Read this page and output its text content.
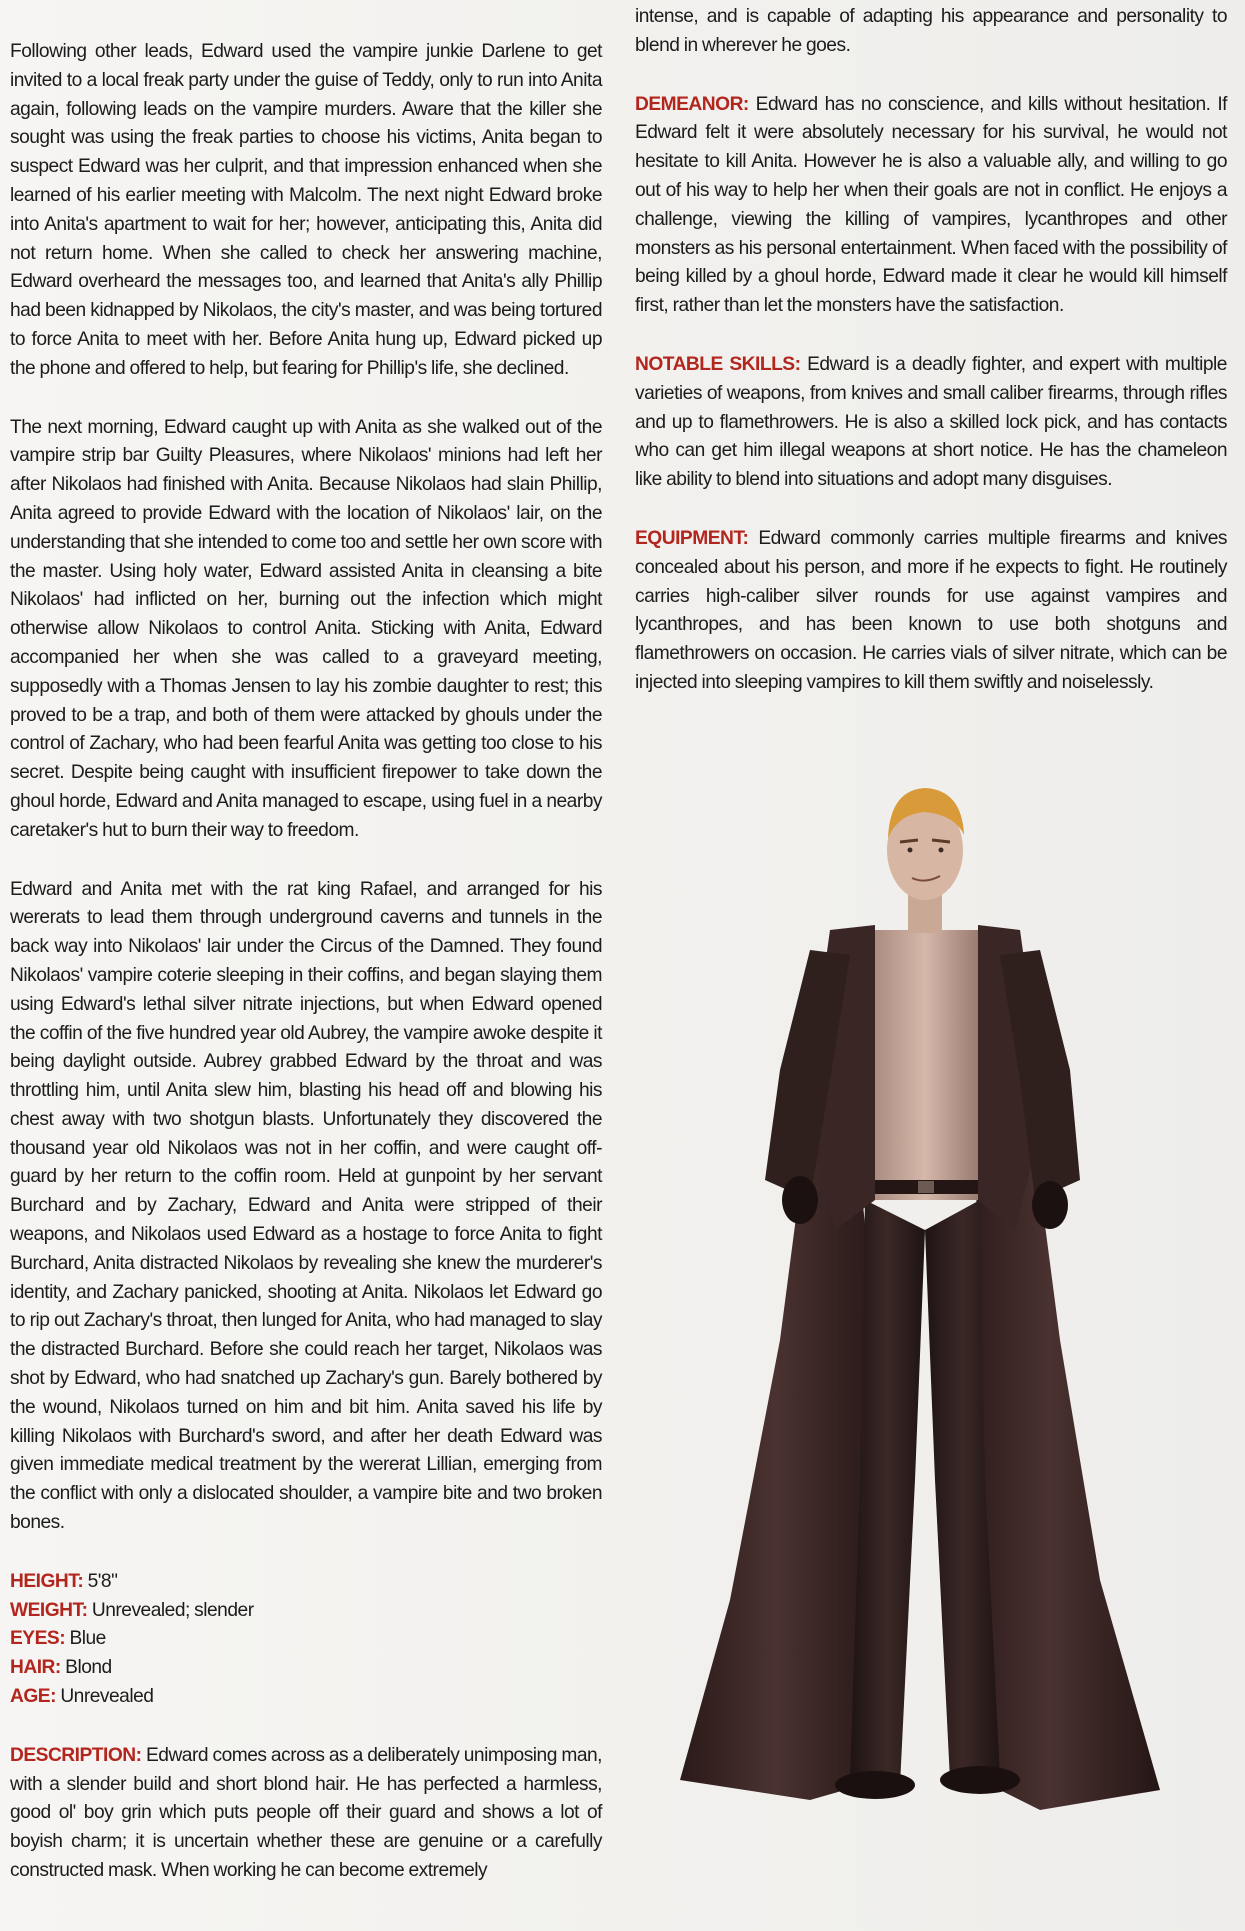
Following other leads, Edward used the vampire junkie Darlene to get invited to a local freak party under the guise of Teddy, only to run into Anita again, following leads on the vampire murders. Aware that the killer she sought was using the freak parties to choose his victims, Anita began to suspect Edward was her culprit, and that impression enhanced when she learned of his earlier meeting with Malcolm. The next night Edward broke into Anita's apartment to wait for her; however, anticipating this, Anita did not return home. When she called to check her answering machine, Edward overheard the messages too, and learned that Anita's ally Phillip had been kidnapped by Nikolaos, the city's master, and was being tortured to force Anita to meet with her. Before Anita hung up, Edward picked up the phone and offered to help, but fearing for Phillip's life, she declined.

The next morning, Edward caught up with Anita as she walked out of the vampire strip bar Guilty Pleasures, where Nikolaos' minions had left her after Nikolaos had finished with Anita. Because Nikolaos had slain Phillip, Anita agreed to provide Edward with the location of Nikolaos' lair, on the understanding that she intended to come too and settle her own score with the master. Using holy water, Edward assisted Anita in cleansing a bite Nikolaos' had inflicted on her, burning out the infection which might otherwise allow Nikolaos to control Anita. Sticking with Anita, Edward accompanied her when she was called to a graveyard meeting, supposedly with a Thomas Jensen to lay his zombie daughter to rest; this proved to be a trap, and both of them were attacked by ghouls under the control of Zachary, who had been fearful Anita was getting too close to his secret. Despite being caught with insufficient firepower to take down the ghoul horde, Edward and Anita managed to escape, using fuel in a nearby caretaker's hut to burn their way to freedom.

Edward and Anita met with the rat king Rafael, and arranged for his wererats to lead them through underground caverns and tunnels in the back way into Nikolaos' lair under the Circus of the Damned. They found Nikolaos' vampire coterie sleeping in their coffins, and began slaying them using Edward's lethal silver nitrate injections, but when Edward opened the coffin of the five hundred year old Aubrey, the vampire awoke despite it being daylight outside. Aubrey grabbed Edward by the throat and was throttling him, until Anita slew him, blasting his head off and blowing his chest away with two shotgun blasts. Unfortunately they discovered the thousand year old Nikolaos was not in her coffin, and were caught off-guard by her return to the coffin room. Held at gunpoint by her servant Burchard and by Zachary, Edward and Anita were stripped of their weapons, and Nikolaos used Edward as a hostage to force Anita to fight Burchard, Anita distracted Nikolaos by revealing she knew the murderer's identity, and Zachary panicked, shooting at Anita. Nikolaos let Edward go to rip out Zachary's throat, then lunged for Anita, who had managed to slay the distracted Burchard. Before she could reach her target, Nikolaos was shot by Edward, who had snatched up Zachary's gun. Barely bothered by the wound, Nikolaos turned on him and bit him. Anita saved his life by killing Nikolaos with Burchard's sword, and after her death Edward was given immediate medical treatment by the wererat Lillian, emerging from the conflict with only a dislocated shoulder, a vampire bite and two broken bones.

HEIGHT: 5'8"
WEIGHT: Unrevealed; slender
EYES: Blue
HAIR: Blond
AGE: Unrevealed

DESCRIPTION: Edward comes across as a deliberately unimposing man, with a slender build and short blond hair. He has perfected a harmless, good ol' boy grin which puts people off their guard and shows a lot of boyish charm; it is uncertain whether these are genuine or a carefully constructed mask. When working he can become extremely

intense, and is capable of adapting his appearance and personality to blend in wherever he goes.

DEMEANOR: Edward has no conscience, and kills without hesitation. If Edward felt it were absolutely necessary for his survival, he would not hesitate to kill Anita. However he is also a valuable ally, and willing to go out of his way to help her when their goals are not in conflict. He enjoys a challenge, viewing the killing of vampires, lycanthropes and other monsters as his personal entertainment. When faced with the possibility of being killed by a ghoul horde, Edward made it clear he would kill himself first, rather than let the monsters have the satisfaction.

NOTABLE SKILLS: Edward is a deadly fighter, and expert with multiple varieties of weapons, from knives and small caliber firearms, through rifles and up to flamethrowers. He is also a skilled lock pick, and has contacts who can get him illegal weapons at short notice. He has the chameleon like ability to blend into situations and adopt many disguises.

EQUIPMENT: Edward commonly carries multiple firearms and knives concealed about his person, and more if he expects to fight. He routinely carries high-caliber silver rounds for use against vampires and lycanthropes, and has been known to use both shotguns and flamethrowers on occasion. He carries vials of silver nitrate, which can be injected into sleeping vampires to kill them swiftly and noiselessly.
